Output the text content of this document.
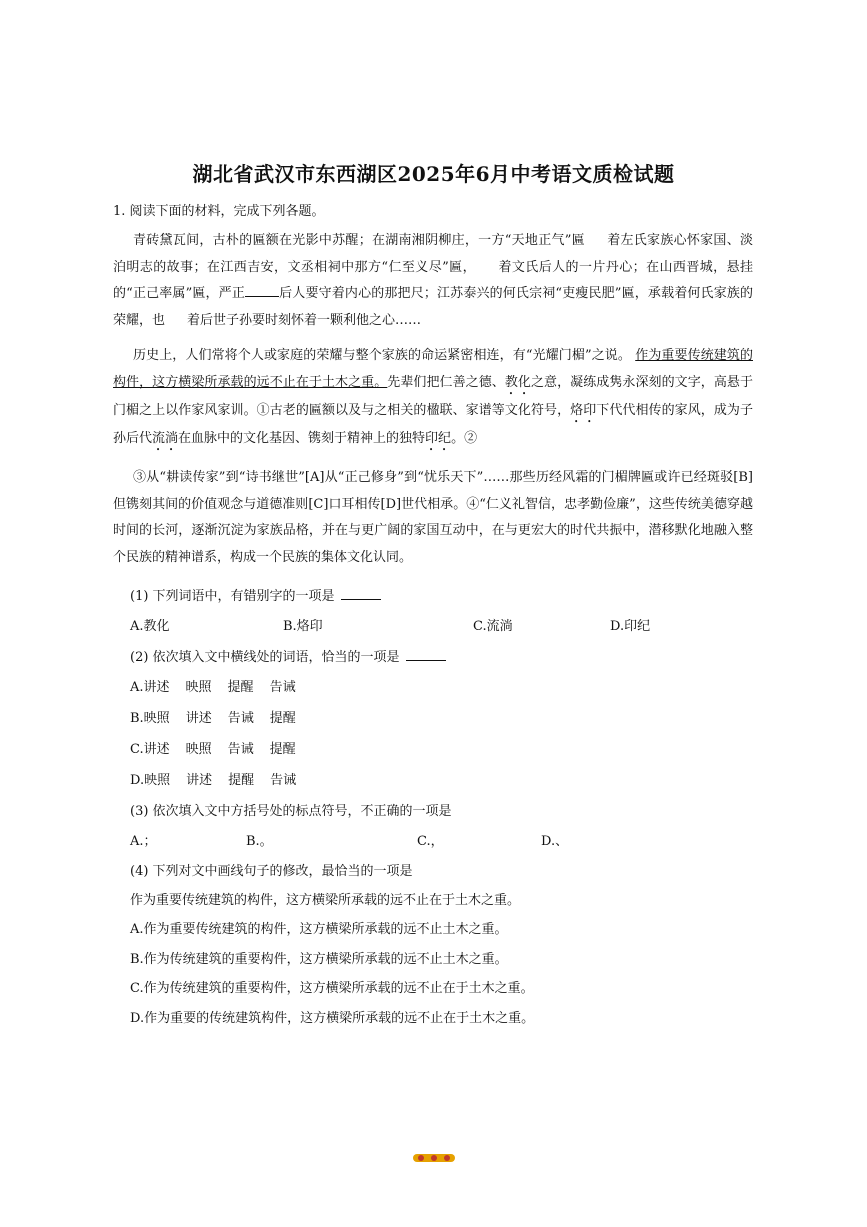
湖北省武汉市东西湖区2025年6月中考语文质检试题
1. 阅读下面的材料，完成下列各题。
青砖黛瓦间，古朴的匾额在光影中苏醒；在湖南湘阴柳庄，一方“天地正气”匾 着左氏家族心怀家国、淡泊明志的故事；在江西吉安，文丞相祠中那方“仁至义尽”匾， 着文氏后人的一片丹心；在山西晋城，悬挂的“正己率属”匾，严正	后人要守着内心的那把尺；江苏泰兴的何氏宗祠“吏瘦民肥”匾，承载着何氏家族的荣耀，也 着后世子孙要时刻怀着一颗利他之心……
历史上，人们常将个人或家庭的荣耀与整个家族的命运紧密相连，有“光耀门楣”之说。 作为重要传统建筑的构件，这方横梁所承载的远不止在于土木之重。先辈们把仁善之德、教化之意，凝练成隽永深刻的文字，高悬于门楣之上以作家风家训。①古老的匾额以及与之相关的楹联、家谱等文化符号，烙印下代代相传的家风，成为子孙后代流淌在血脉中的文化基因、镌刻于精神上的独特印纪。②
③从“耕读传家”到“诗书继世”[A]从“正己修身”到“忧乐天下”……那些历经风霜的门楣牌匾或许已经斑驳[B]但镌刻其间的价值观念与道德准则[C]口耳相传[D]世代相承。④“仁义礼智信，忠孝勤俭廉”，这些传统美德穿越时间的长河，逐渐沉淀为家族品格，并在与更广阔的家国互动中，在与更宏大的时代共振中，潜移默化地融入整个民族的精神谱系，构成一个民族的集体文化认同。
(1) 下列词语中，有错别字的一项是
A.教化	B.烙印	C.流淌	D.印纪
(2) 依次填入文中横线处的词语，恰当的一项是
A.讲述 映照 提醒 告诫
B.映照 讲述 告诫 提醒
C.讲述 映照 告诫 提醒
D.映照 讲述 提醒 告诫
(3) 依次填入文中方括号处的标点符号，不正确的一项是
A.；	B.。	C.，	D.、
(4) 下列对文中画线句子的修改，最恰当的一项是
作为重要传统建筑的构件，这方横梁所承载的远不止在于土木之重。
A.作为重要传统建筑的构件，这方横梁所承载的远不止土木之重。
B.作为传统建筑的重要构件，这方横梁所承载的远不止土木之重。
C.作为传统建筑的重要构件，这方横梁所承载的远不止在于土木之重。
D.作为重要的传统建筑构件，这方横梁所承载的远不止在于土木之重。
